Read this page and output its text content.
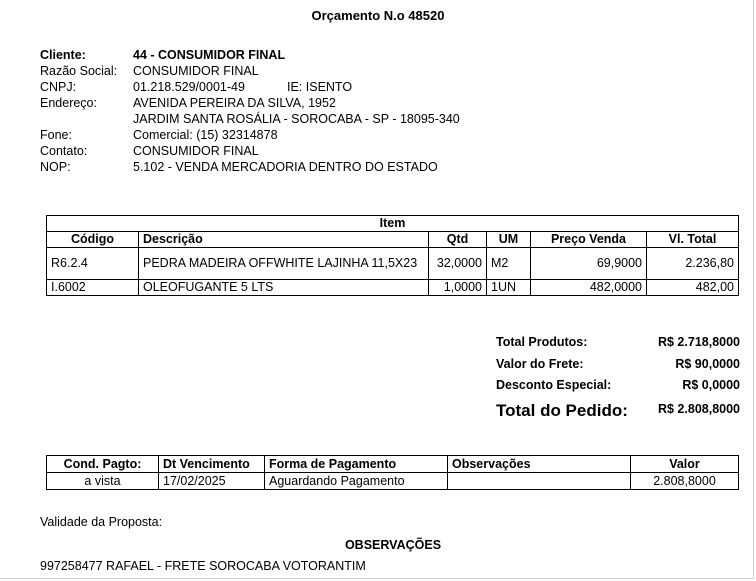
Orçamento N.o 48520
Cliente:	44 - CONSUMIDOR FINAL
Razão Social: CONSUMIDOR FINAL
CNPJ:	01.218.529/0001-49	IE: ISENTO
Endereço:	AVENIDA PEREIRA DA SILVA, 1952
JARDIM SANTA ROSÁLIA - SOROCABA - SP - 18095-340
Fone:	Comercial: (15) 32314878
Contato:	CONSUMIDOR FINAL
NOP:	5.102 - VENDA MERCADORIA DENTRO DO ESTADO
Item					
Código	Descrição	Qtd	UM	Preço Venda	Vl. Total
R6.2.4	PEDRA MADEIRA OFFWHITE LAJINHA 11,5X23	32,0000	M2	69,9000	2.236,80
I.6002	OLEOFUGANTE 5 LTS	1,0000	1UN	482,0000	482,00
Total Produtos:	R$ 2.718,8000
Valor do Frete:	R$ 90,0000
Desconto Especial:	R$ 0,0000
Total do Pedido: R$ 2.808,8000
Cond. Pagto:	Dt Vencimento	Forma de Pagamento	Observações	Valor
a vista	17/02/2025	Aguardando Pagamento		2.808,8000
Validade da Proposta:
OBSERVAÇÕES
997258477 RAFAEL - FRETE SOROCABA VOTORANTIM
